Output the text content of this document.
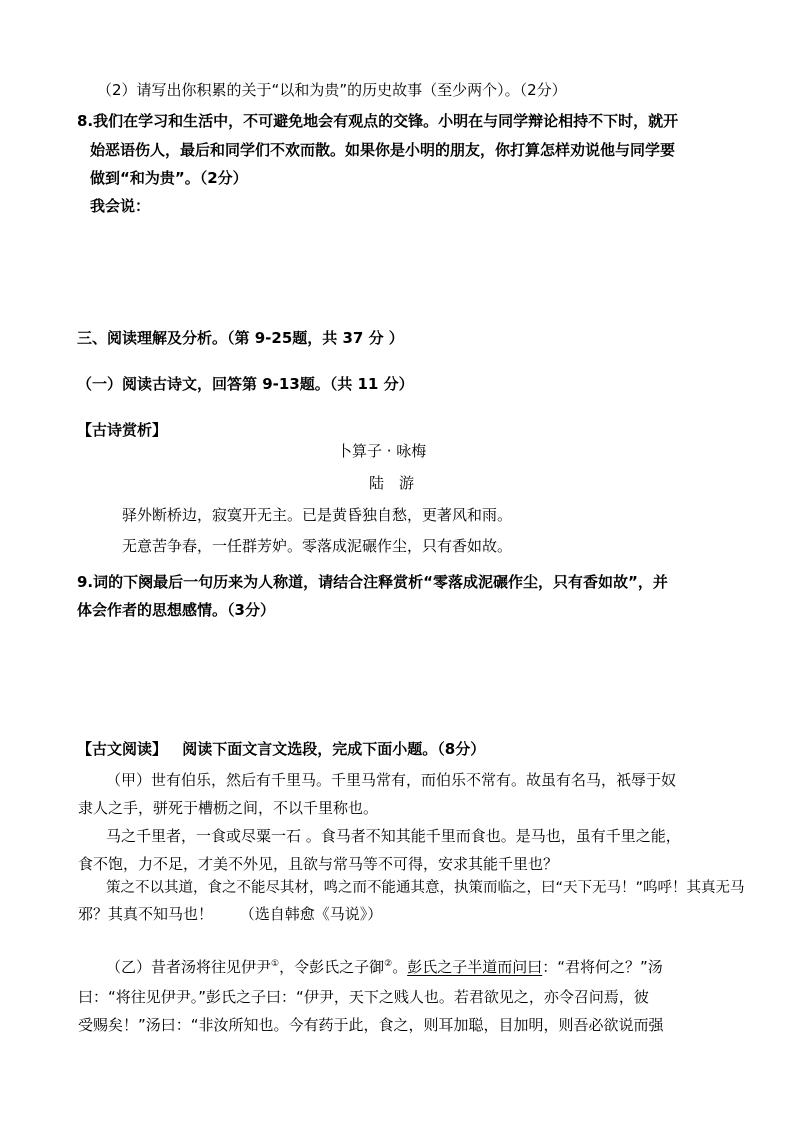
（2）请写出你积累的关于“以和为贵”的历史故事（至少两个）。（2分）
8.我们在学习和生活中，不可避免地会有观点的交锋。小明在与同学辩论相持不下时，就开
始恶语伤人，最后和同学们不欢而散。如果你是小明的朋友，你打算怎样劝说他与同学要
做到“和为贵”。（2分）
我会说：
三、阅读理解及分析。（第 9-25题，共 37 分 ）
（一）阅读古诗文，回答第 9-13题。（共 11 分）
【古诗赏析】
卜算子 · 咏梅
陆　游
驿外断桥边，寂寞开无主。已是黄昏独自愁，更著风和雨。
无意苦争春，一任群芳妒。零落成泥碾作尘，只有香如故。
9.词的下阕最后一句历来为人称道，请结合注释赏析“零落成泥碾作尘，只有香如故”，并
体会作者的思想感情。（3分）
【古文阅读】 阅读下面文言文选段，完成下面小题。（8分）
（甲）世有伯乐，然后有千里马。千里马常有，而伯乐不常有。故虽有名马，祇辱于奴
隶人之手，骈死于槽枥之间，不以千里称也。
马之千里者，一食或尽粟一石 。食马者不知其能千里而食也。是马也，虽有千里之能，
食不饱，力不足，才美不外见，且欲与常马等不可得，安求其能千里也？
策之不以其道，食之不能尽其材，鸣之而不能通其意，执策而临之，曰“天下无马！”呜呼！其真无马
邪？其真不知马也！ （选自韩愈《马说》）
（乙）昔者汤将往见伊尹①，令彭氏之子御②。彭氏之子半道而问曰：“君将何之？”汤
曰：“将往见伊尹。”彭氏之子曰：“伊尹，天下之贱人也。若君欲见之，亦令召问焉，彼
受赐矣！”汤曰：“非汝所知也。今有药于此，食之，则耳加聪，目加明，则吾必欲说而强
